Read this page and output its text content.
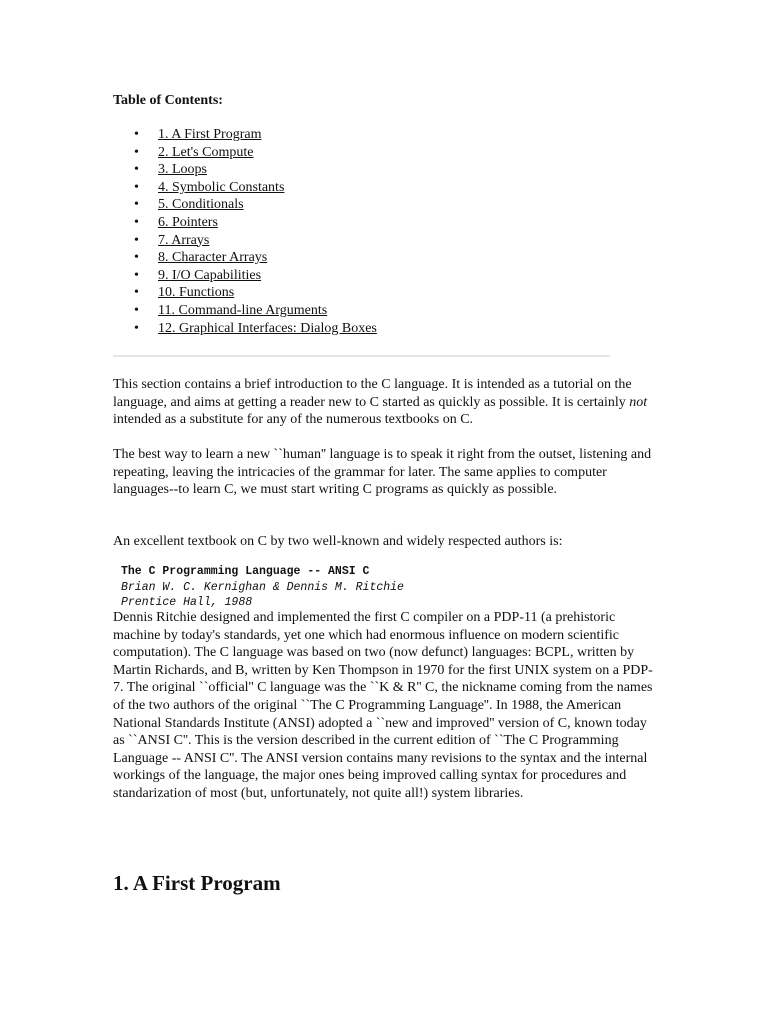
Table of Contents:
• 1. A First Program
• 2. Let's Compute
• 3. Loops
• 4. Symbolic Constants
• 5. Conditionals
• 6. Pointers
• 7. Arrays
• 8. Character Arrays
• 9. I/O Capabilities
• 10. Functions
• 11. Command-line Arguments
• 12. Graphical Interfaces: Dialog Boxes

This section contains a brief introduction to the C language. It is intended as a tutorial on the language, and aims at getting a reader new to C started as quickly as possible. It is certainly not intended as a substitute for any of the numerous textbooks on C.

The best way to learn a new ``human'' language is to speak it right from the outset, listening and repeating, leaving the intricacies of the grammar for later. The same applies to computer languages--to learn C, we must start writing C programs as quickly as possible.

An excellent textbook on C by two well-known and widely respected authors is:

The C Programming Language -- ANSI C
Brian W. C. Kernighan & Dennis M. Ritchie
Prentice Hall, 1988

Dennis Ritchie designed and implemented the first C compiler on a PDP-11 (a prehistoric machine by today's standards, yet one which had enormous influence on modern scientific computation). The C language was based on two (now defunct) languages: BCPL, written by Martin Richards, and B, written by Ken Thompson in 1970 for the first UNIX system on a PDP-7. The original ``official'' C language was the ``K & R'' C, the nickname coming from the names of the two authors of the original ``The C Programming Language''. In 1988, the American National Standards Institute (ANSI) adopted a ``new and improved'' version of C, known today as ``ANSI C''. This is the version described in the current edition of ``The C Programming Language -- ANSI C''. The ANSI version contains many revisions to the syntax and the internal workings of the language, the major ones being improved calling syntax for procedures and standarization of most (but, unfortunately, not quite all!) system libraries.

1. A First Program
